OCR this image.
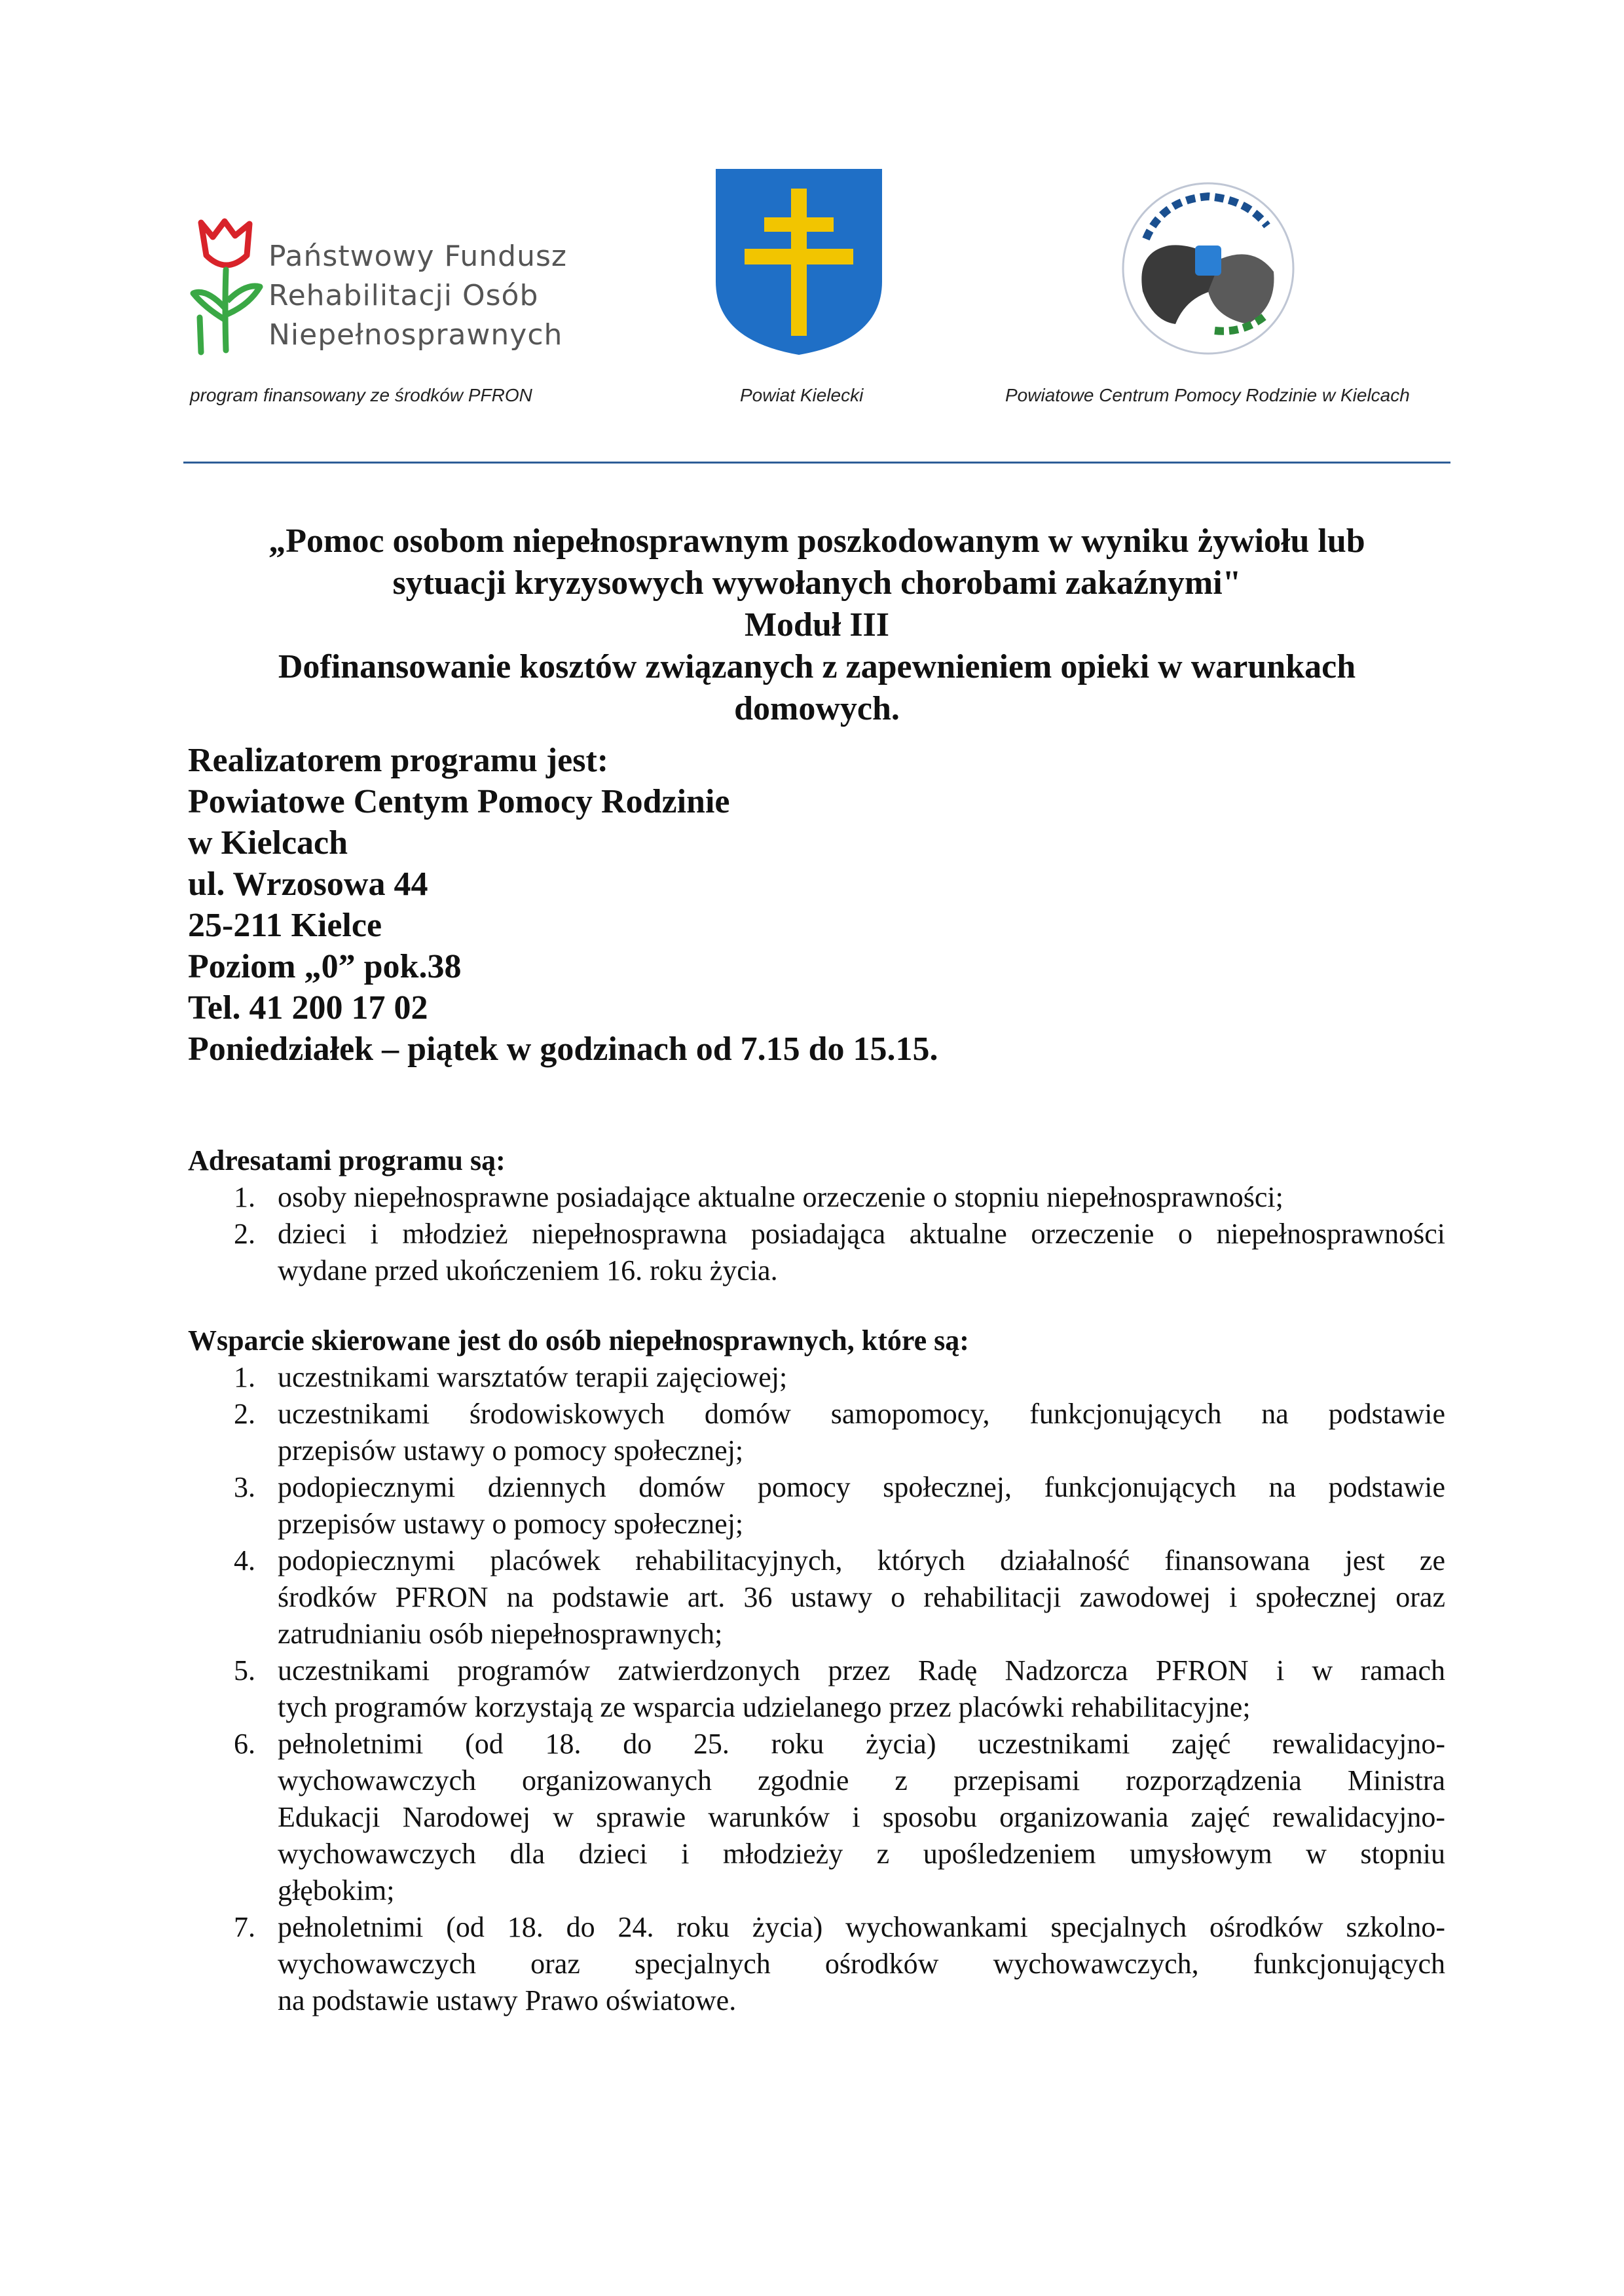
Państwowy Fundusz
Rehabilitacji Osób
Niepełnosprawnych
program finansowany ze środków PFRON	Powiat Kielecki	Powiatowe Centrum Pomocy Rodzinie w Kielcach
„Pomoc osobom niepełnosprawnym poszkodowanym w wyniku żywiołu lub
sytuacji kryzysowych wywołanych chorobami zakaźnymi"
Moduł III
Dofinansowanie kosztów związanych z zapewnieniem opieki w warunkach
domowych.
Realizatorem programu jest:
Powiatowe Centym Pomocy Rodzinie
w Kielcach
ul. Wrzosowa 44
25-211 Kielce
Poziom „0” pok.38
Tel. 41 200 17 02
Poniedziałek – piątek w godzinach od 7.15 do 15.15.
Adresatami programu są:
1. osoby niepełnosprawne posiadające aktualne orzeczenie o stopniu niepełnosprawności;
2. dzieci i młodzież niepełnosprawna posiadająca aktualne orzeczenie o niepełnosprawności
wydane przed ukończeniem 16. roku życia.
Wsparcie skierowane jest do osób niepełnosprawnych, które są:
1. uczestnikami warsztatów terapii zajęciowej;
2. uczestnikami środowiskowych domów samopomocy, funkcjonujących na podstawie
przepisów ustawy o pomocy społecznej;
3. podopiecznymi dziennych domów pomocy społecznej, funkcjonujących na podstawie
przepisów ustawy o pomocy społecznej;
4. podopiecznymi placówek rehabilitacyjnych, których działalność finansowana jest ze
środków PFRON na podstawie art. 36 ustawy o rehabilitacji zawodowej i społecznej oraz
zatrudnianiu osób niepełnosprawnych;
5. uczestnikami programów zatwierdzonych przez Radę Nadzorcza PFRON i w ramach
tych programów korzystają ze wsparcia udzielanego przez placówki rehabilitacyjne;
6. pełnoletnimi (od 18. do 25. roku życia) uczestnikami zajęć rewalidacyjno-
wychowawczych organizowanych zgodnie z przepisami rozporządzenia Ministra
Edukacji Narodowej w sprawie warunków i sposobu organizowania zajęć rewalidacyjno-
wychowawczych dla dzieci i młodzieży z upośledzeniem umysłowym w stopniu
głębokim;
7. pełnoletnimi (od 18. do 24. roku życia) wychowankami specjalnych ośrodków szkolno-
wychowawczych oraz specjalnych ośrodków wychowawczych, funkcjonujących
na podstawie ustawy Prawo oświatowe.
